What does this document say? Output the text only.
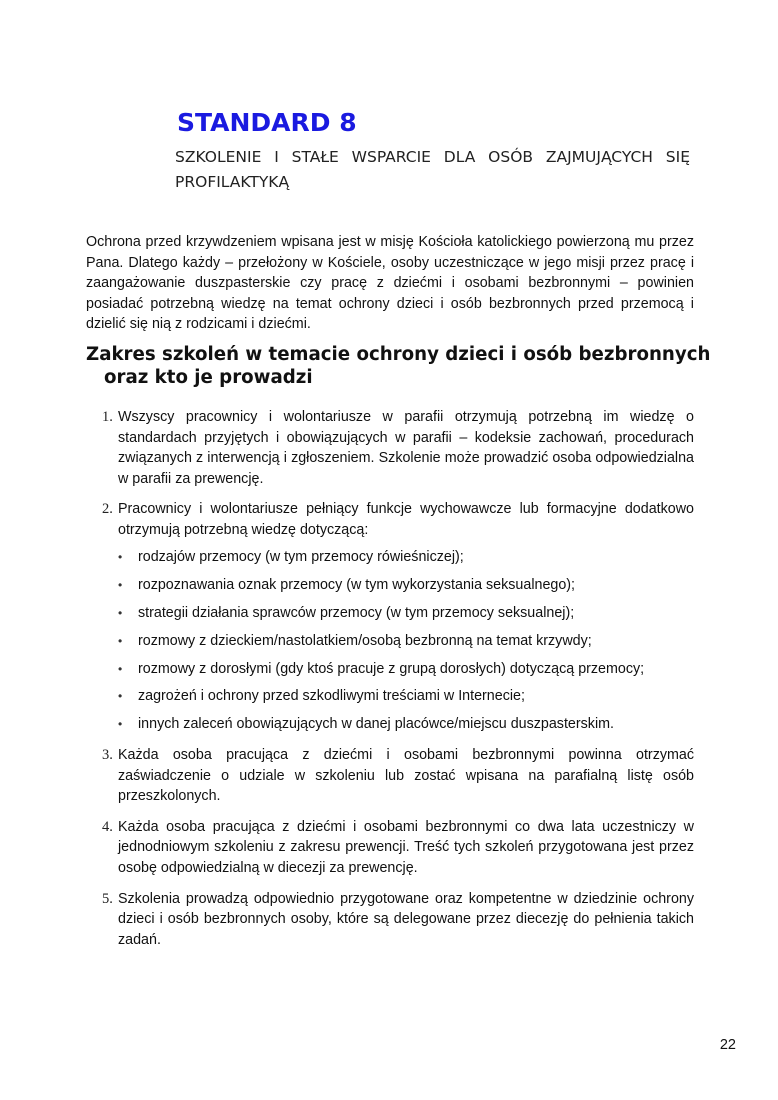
STANDARD 8
SZKOLENIE I STAŁE WSPARCIE DLA OSÓB ZAJMUJĄCYCH SIĘ
PROFILAKTYKĄ

Ochrona przed krzywdzeniem wpisana jest w misję Kościoła katolickiego powierzoną mu przez Pana. Dlatego każdy – przełożony w Kościele, osoby uczestniczące w jego misji przez pracę i zaangażowanie duszpasterskie czy pracę z dziećmi i osobami bezbronnymi – powinien posiadać potrzebną wiedzę na temat ochrony dzieci i osób bezbronnych przed przemocą i dzielić się nią z rodzicami i dziećmi.

Zakres szkoleń w temacie ochrony dzieci i osób bezbronnych oraz kto je prowadzi
1. Wszyscy pracownicy i wolontariusze w parafii otrzymują potrzebną im wiedzę o standardach przyjętych i obowiązujących w parafii – kodeksie zachowań, procedurach związanych z interwencją i zgłoszeniem. Szkolenie może prowadzić osoba odpowiedzialna w parafii za prewencję.
2. Pracownicy i wolontariusze pełniący funkcje wychowawcze lub formacyjne dodatkowo otrzymują potrzebną wiedzę dotyczącą:
• rodzajów przemocy (w tym przemocy rówieśniczej);
• rozpoznawania oznak przemocy (w tym wykorzystania seksualnego);
• strategii działania sprawców przemocy (w tym przemocy seksualnej);
• rozmowy z dzieckiem/nastolatkiem/osobą bezbronną na temat krzywdy;
• rozmowy z dorosłymi (gdy ktoś pracuje z grupą dorosłych) dotyczącą przemocy;
• zagrożeń i ochrony przed szkodliwymi treściami w Internecie;
• innych zaleceń obowiązujących w danej placówce/miejscu duszpasterskim.
3. Każda osoba pracująca z dziećmi i osobami bezbronnymi powinna otrzymać zaświadczenie o udziale w szkoleniu lub zostać wpisana na parafialną listę osób przeszkolonych.
4. Każda osoba pracująca z dziećmi i osobami bezbronnymi co dwa lata uczestniczy w jednodniowym szkoleniu z zakresu prewencji. Treść tych szkoleń przygotowana jest przez osobę odpowiedzialną w diecezji za prewencję.
5. Szkolenia prowadzą odpowiednio przygotowane oraz kompetentne w dziedzinie ochrony dzieci i osób bezbronnych osoby, które są delegowane przez diecezję do pełnienia takich zadań.
22
